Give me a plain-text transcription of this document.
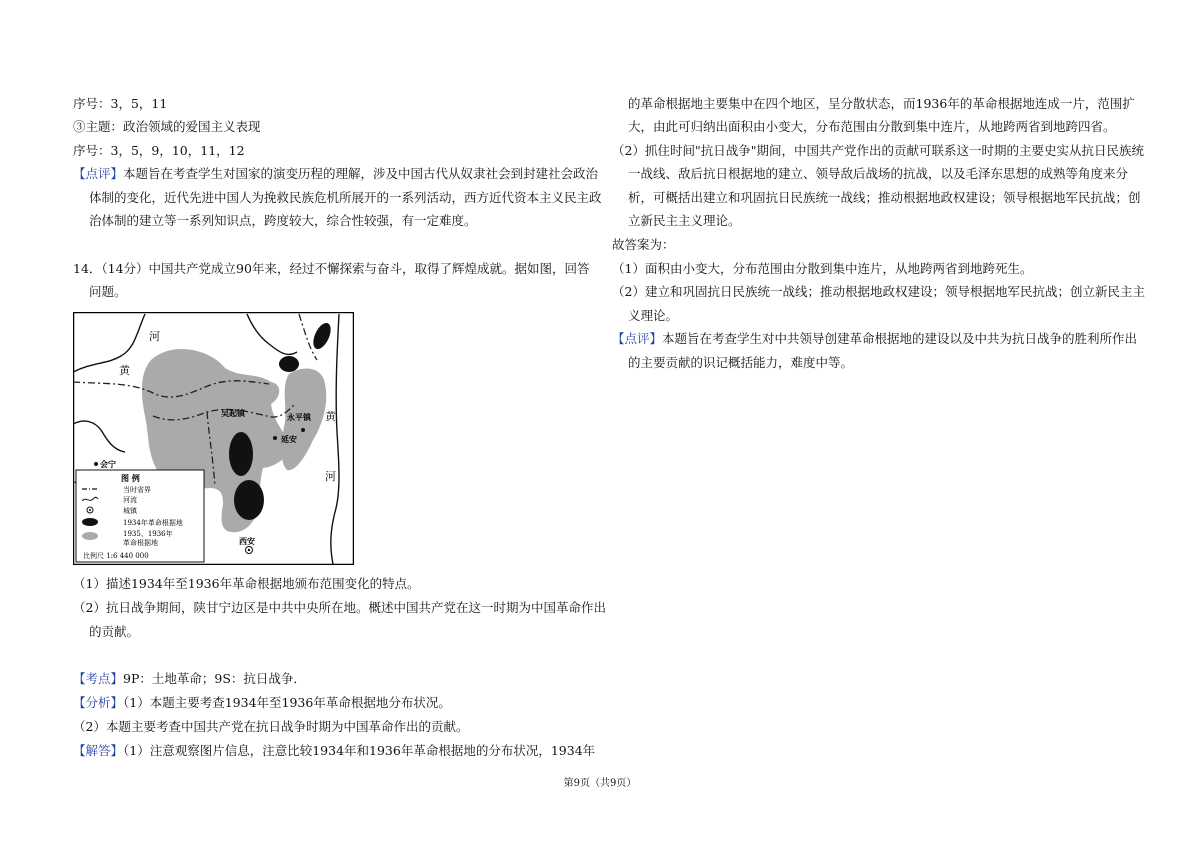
序号：3，5，11
③主题：政治领域的爱国主义表现
序号：3，5，9，10，11，12
【点评】本题旨在考查学生对国家的演变历程的理解，涉及中国古代从奴隶社会到封建社会政治
体制的变化，近代先进中国人为挽救民族危机所展开的一系列活动，西方近代资本主义民主政
治体制的建立等一系列知识点，跨度较大，综合性较强，有一定难度。
14．（14分）中国共产党成立90年来，经过不懈探索与奋斗，取得了辉煌成就。据如图，回答
问题。
河
黄
黄
河
吴起镇	永平镇
延安
会宁
西安
图 例
当时省界
河流
城镇
1934年革命根据地
1935、1936年
革命根据地
比例尺 1:6 440 000
（1）描述1934年至1936年革命根据地颁布范围变化的特点。
（2）抗日战争期间，陕甘宁边区是中共中央所在地。概述中国共产党在这一时期为中国革命作出
的贡献。
【考点】9P：土地革命；9S：抗日战争．
【分析】（1）本题主要考查1934年至1936年革命根据地分布状况。
（2）本题主要考查中国共产党在抗日战争时期为中国革命作出的贡献。
【解答】（1）注意观察图片信息，注意比较1934年和1936年革命根据地的分布状况，1934年
的革命根据地主要集中在四个地区，呈分散状态，而1936年的革命根据地连成一片，范围扩
大，由此可归纳出面积由小变大，分布范围由分散到集中连片，从地跨两省到地跨四省。
（2）抓住时间"抗日战争"期间，中国共产党作出的贡献可联系这一时期的主要史实从抗日民族统
一战线、敌后抗日根据地的建立、领导敌后战场的抗战，以及毛泽东思想的成熟等角度来分
析，可概括出建立和巩固抗日民族统一战线；推动根据地政权建设；领导根据地军民抗战；创
立新民主主义理论。
故答案为：
（1）面积由小变大，分布范围由分散到集中连片，从地跨两省到地跨死生。
（2）建立和巩固抗日民族统一战线；推动根据地政权建设；领导根据地军民抗战；创立新民主主
义理论。
【点评】本题旨在考查学生对中共领导创建革命根据地的建设以及中共为抗日战争的胜利所作出
的主要贡献的识记概括能力，难度中等。
第9页（共9页）
